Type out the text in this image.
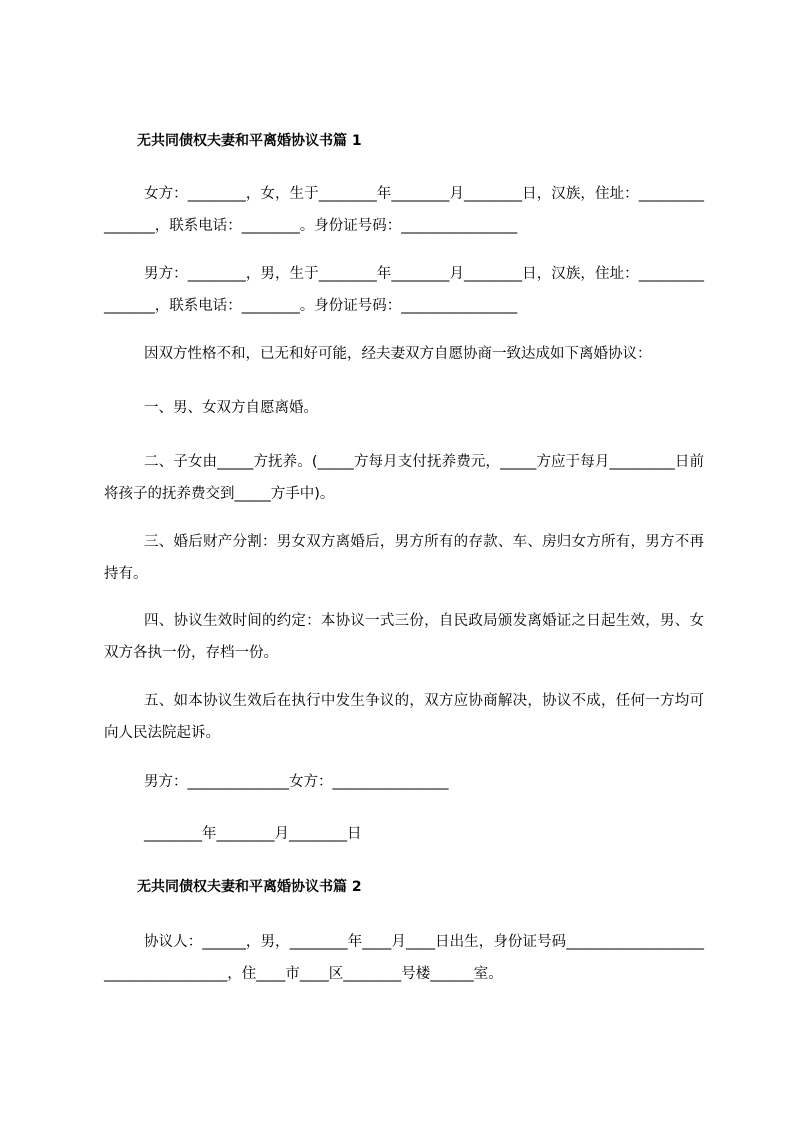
无共同债权夫妻和平离婚协议书篇 1

女方：________，女，生于________年________月________日，汉族，住址：________________，联系电话：________。身份证号码：________________

男方：________，男，生于________年________月________日，汉族，住址：________________，联系电话：________。身份证号码：________________

因双方性格不和，已无和好可能，经夫妻双方自愿协商一致达成如下离婚协议：

一、男、女双方自愿离婚。

二、子女由_____方抚养。(_____方每月支付抚养费元，_____方应于每月_________日前将孩子的抚养费交到_____方手中)。

三、婚后财产分割：男女双方离婚后，男方所有的存款、车、房归女方所有，男方不再持有。

四、协议生效时间的约定：本协议一式三份，自民政局颁发离婚证之日起生效，男、女双方各执一份，存档一份。

五、如本协议生效后在执行中发生争议的，双方应协商解决，协议不成，任何一方均可向人民法院起诉。

男方：______________女方：________________

________年________月________日

无共同债权夫妻和平离婚协议书篇 2

协议人：______，男，________年____月____日出生，身份证号码____________________________________，住____市____区________号楼______室。
